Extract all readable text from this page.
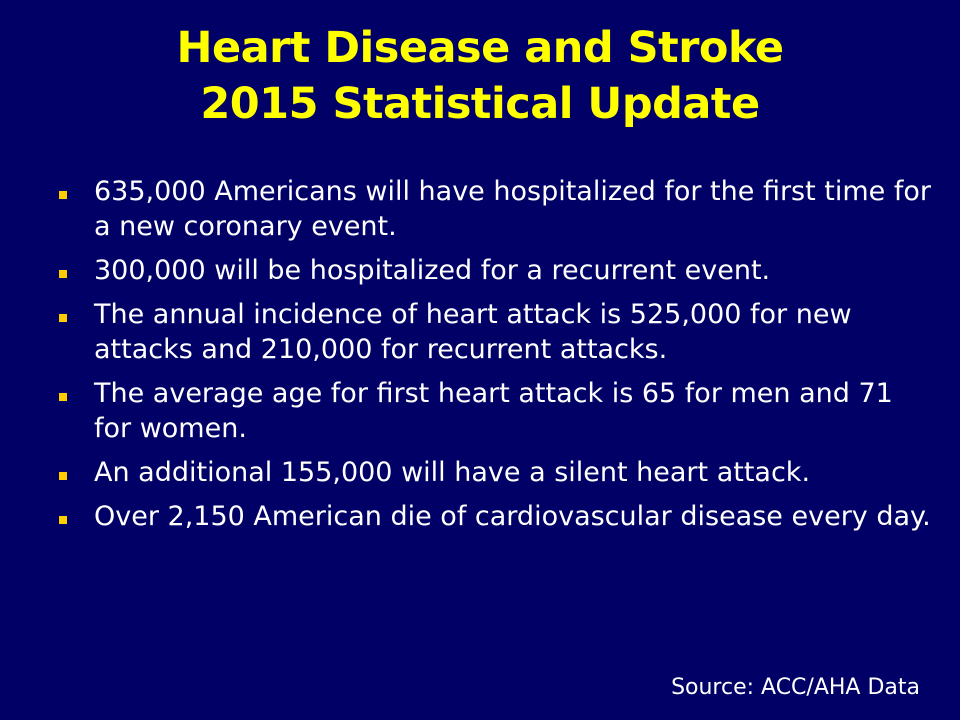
Heart Disease and Stroke
2015 Statistical Update
635,000 Americans will have hospitalized for the first time for a new coronary event.
300,000 will be hospitalized for a recurrent event.
The annual incidence of heart attack is 525,000 for new attacks and 210,000 for recurrent attacks.
The average age for first heart attack is 65 for men and 71 for women.
An additional 155,000 will have a silent heart attack.
Over 2,150 American die of cardiovascular disease every day.
Source: ACC/AHA Data
